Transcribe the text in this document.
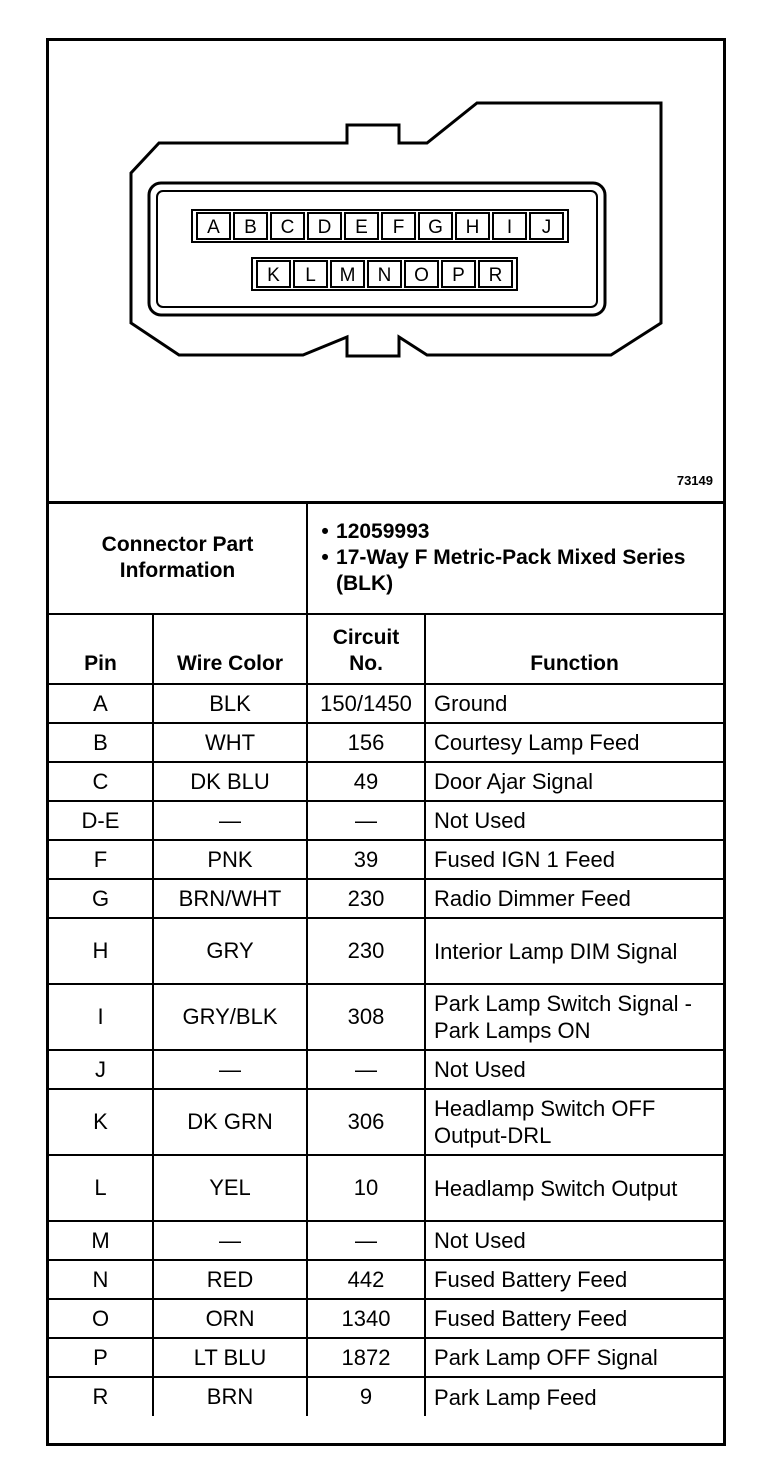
A B C D E F G H I J
K L M N O P R
73149
Connector Part Information		• 12059993
• 17-Way F Metric-Pack Mixed Series (BLK)	

Pin	Wire Color	Circuit No.	Function
A	BLK	150/1450	Ground
B	WHT	156	Courtesy Lamp Feed
C	DK BLU	49	Door Ajar Signal
D-E	—	—	Not Used
F	PNK	39	Fused IGN 1 Feed
G	BRN/WHT	230	Radio Dimmer Feed
H	GRY	230	Interior Lamp DIM Signal
I	GRY/BLK	308	Park Lamp Switch Signal -Park Lamps ON
J	—	—	Not Used
K	DK GRN	306	Headlamp Switch OFF Output-DRL
L	YEL	10	Headlamp Switch Output
M	—	—	Not Used
N	RED	442	Fused Battery Feed
O	ORN	1340	Fused Battery Feed
P	LT BLU	1872	Park Lamp OFF Signal
R	BRN	9	Park Lamp Feed
